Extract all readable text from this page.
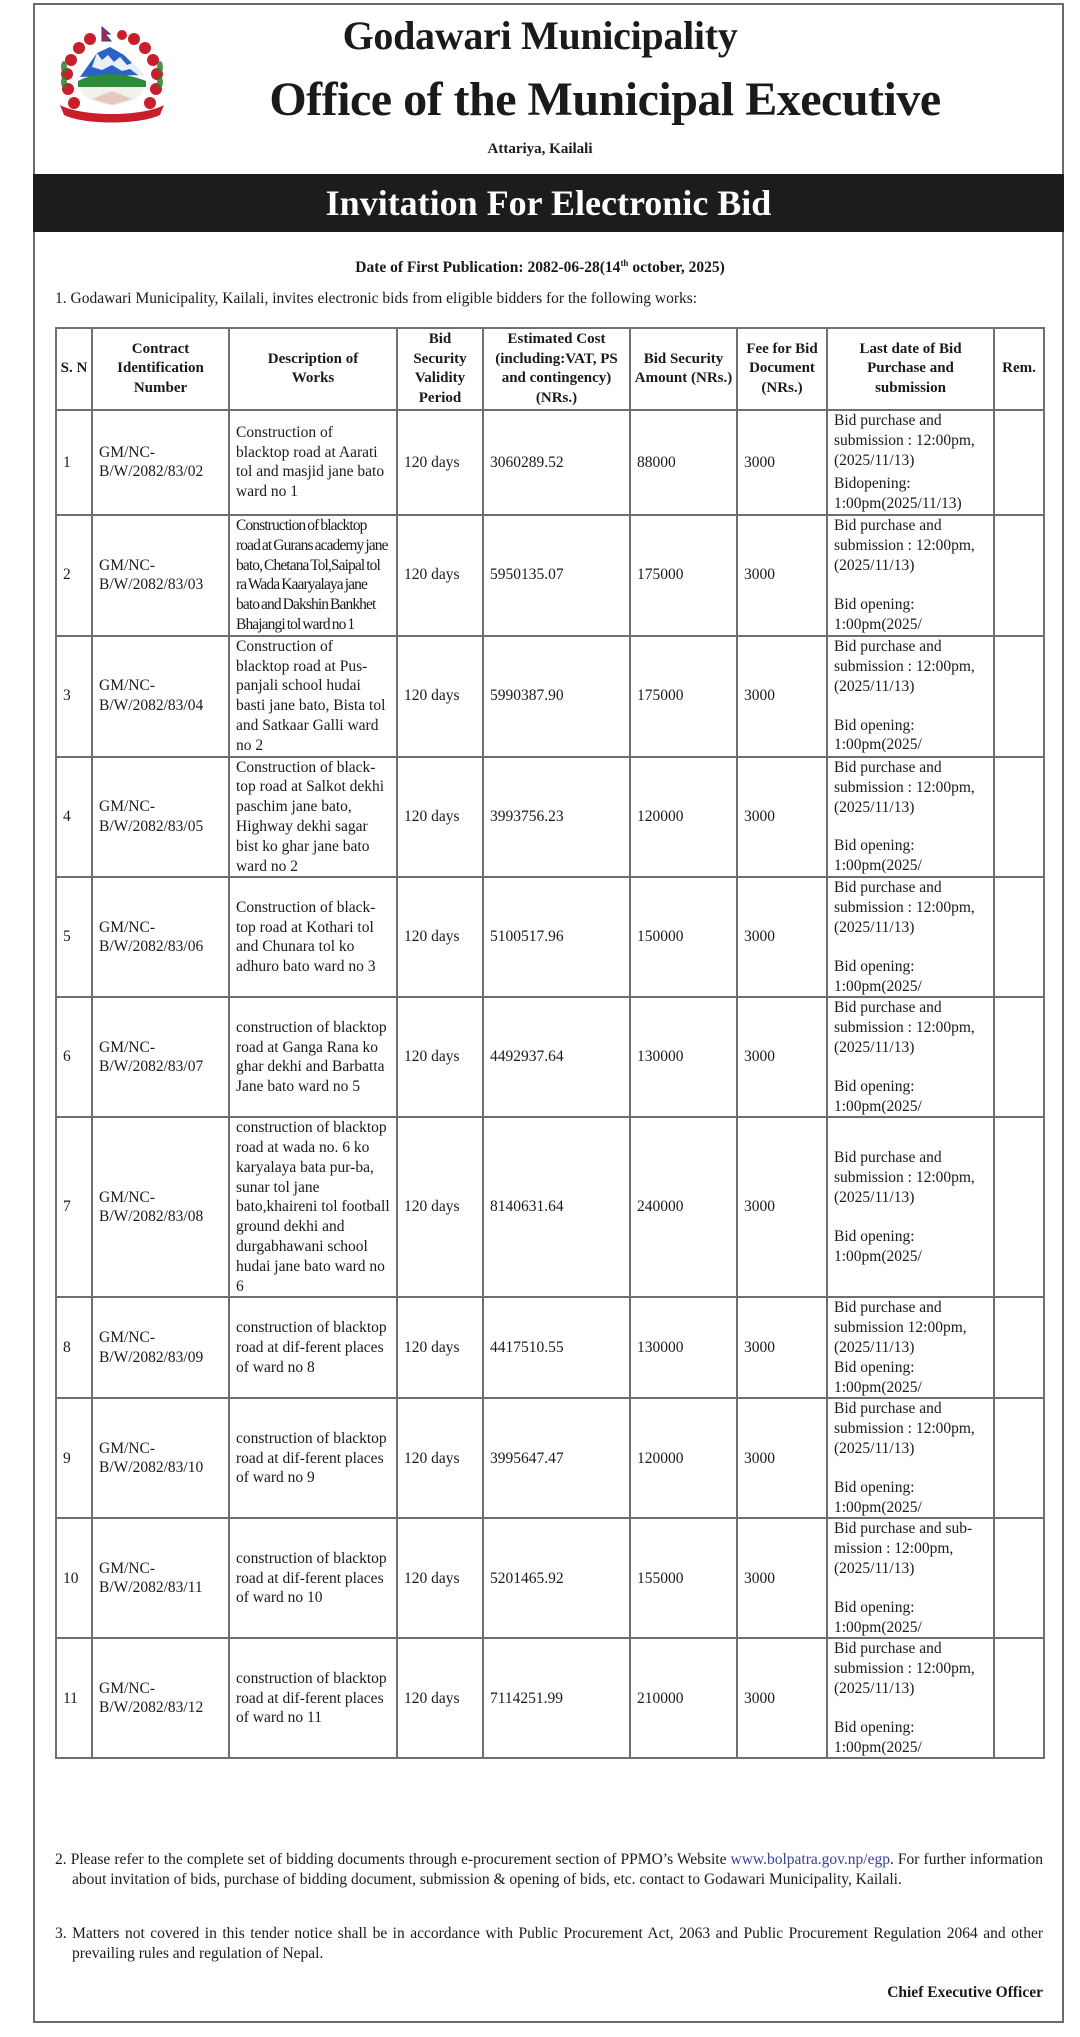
Godawari Municipality
Office of the Municipal Executive
Attariya, Kailali
Invitation For Electronic Bid
Date of First Publication: 2082-06-28(14th october, 2025)
1. Godawari Municipality, Kailali, invites electronic bids from eligible bidders for the following works:
S. N	Contract Identification Number	Description of Works	Bid Security Validity Period	Estimated Cost (including:VAT, PS and contingency) (NRs.)	Bid Security Amount (NRs.)	Fee for Bid Document (NRs.)	Last date of Bid Purchase and submission	Rem.
1	GM/NC-B/W/2082/83/02	Construction of blacktop road at Aarati tol and masjid jane bato ward no 1	120 days	3060289.52	88000	3000	Bid purchase and submission : 12:00pm, (2025/11/13)
Bidopening: 1:00pm(2025/11/13)	

2	GM/NC-B/W/2082/83/03	Construction of blacktop road at Gurans academy jane bato, Chetana Tol,Saipal tol ra Wada Kaaryalaya jane bato and Dakshin Bankhet Bhajangi tol ward no 1	120 days	5950135.07	175000	3000	Bid purchase and submission : 12:00pm, (2025/11/13)
Bid opening: 1:00pm(2025/	

3	GM/NC-B/W/2082/83/04	Construction of blacktop road at Pus-panjali school hudai basti jane bato, Bista tol and Satkaar Galli ward no 2	120 days	5990387.90	175000	3000	Bid purchase and submission : 12:00pm, (2025/11/13)
Bid opening: 1:00pm(2025/	

4	GM/NC-B/W/2082/83/05	Construction of black-top road at Salkot dekhi paschim jane bato, Highway dekhi sagar bist ko ghar jane bato ward no 2	120 days	3993756.23	120000	3000	Bid purchase and submission : 12:00pm, (2025/11/13)
Bid opening: 1:00pm(2025/	

5	GM/NC-B/W/2082/83/06	Construction of black-top road at Kothari tol and Chunara tol ko adhuro bato ward no 3	120 days	5100517.96	150000	3000	Bid purchase and submission : 12:00pm, (2025/11/13)
Bid opening: 1:00pm(2025/	

6	GM/NC-B/W/2082/83/07	construction of blacktop road at Ganga Rana ko ghar dekhi and Barbatta Jane bato ward no 5	120 days	4492937.64	130000	3000	Bid purchase and submission : 12:00pm, (2025/11/13)
Bid opening: 1:00pm(2025/	

7	GM/NC-B/W/2082/83/08	construction of blacktop road at wada no. 6 ko karyalaya bata pur-ba, sunar tol jane bato,khaireni tol football ground dekhi and durgabhawani school hudai jane bato ward no 6	120 days	8140631.64	240000	3000	Bid purchase and submission : 12:00pm, (2025/11/13)
Bid opening: 1:00pm(2025/	

8	GM/NC-B/W/2082/83/09	construction of blacktop road at dif-ferent places of ward no 8	120 days	4417510.55	130000	3000	Bid purchase and submission 12:00pm, (2025/11/13)
Bid opening: 1:00pm(2025/	

9	GM/NC-B/W/2082/83/10	construction of blacktop road at dif-ferent places of ward no 9	120 days	3995647.47	120000	3000	Bid purchase and submission : 12:00pm, (2025/11/13)
Bid opening: 1:00pm(2025/	

10	GM/NC-B/W/2082/83/11	construction of blacktop road at dif-ferent places of ward no 10	120 days	5201465.92	155000	3000	Bid purchase and sub-mission : 12:00pm, (2025/11/13)
Bid opening: 1:00pm(2025/	

11	GM/NC-B/W/2082/83/12	construction of blacktop road at dif-ferent places of ward no 11	120 days	7114251.99	210000	3000	Bid purchase and submission : 12:00pm, (2025/11/13)
Bid opening: 1:00pm(2025/	

2. Please refer to the complete set of bidding documents through e-procurement section of PPMO’s Website www.bolpatra.gov.np/egp. For further information about invitation of bids, purchase of bidding document, submission & opening of bids, etc. contact to Godawari Municipality, Kailali.
3. Matters not covered in this tender notice shall be in accordance with Public Procurement Act, 2063 and Public Procurement Regulation 2064 and other prevailing rules and regulation of Nepal.
Chief Executive Officer
